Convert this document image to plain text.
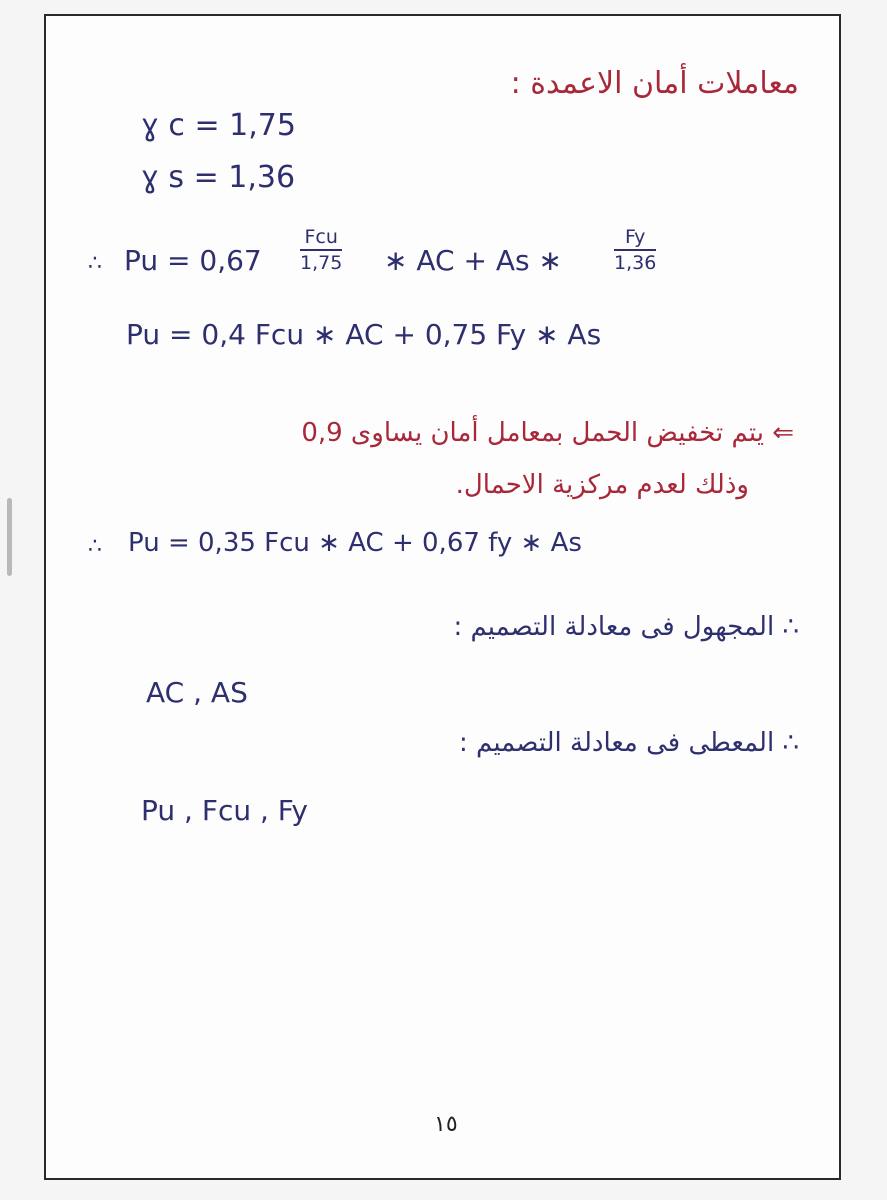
معاملات أمان الاعمدة :
ɣ c = 1,75
ɣ s = 1,36
∴ Pu = 0,67
Fcu
1,75 ∗ AC + As ∗
Fy
1,36
Pu = 0,4 Fcu ∗ AC + 0,75 Fy ∗ As
⇐ يتم تخفيض الحمل بمعامل أمان يساوى 0,9
وذلك لعدم مركزية الاحمال.
∴ Pu = 0,35 Fcu ∗ AC + 0,67 fy ∗ As
∴ المجهول فى معادلة التصميم :
AC , AS
∴ المعطى فى معادلة التصميم :
Pu , Fcu , Fy
١٥
